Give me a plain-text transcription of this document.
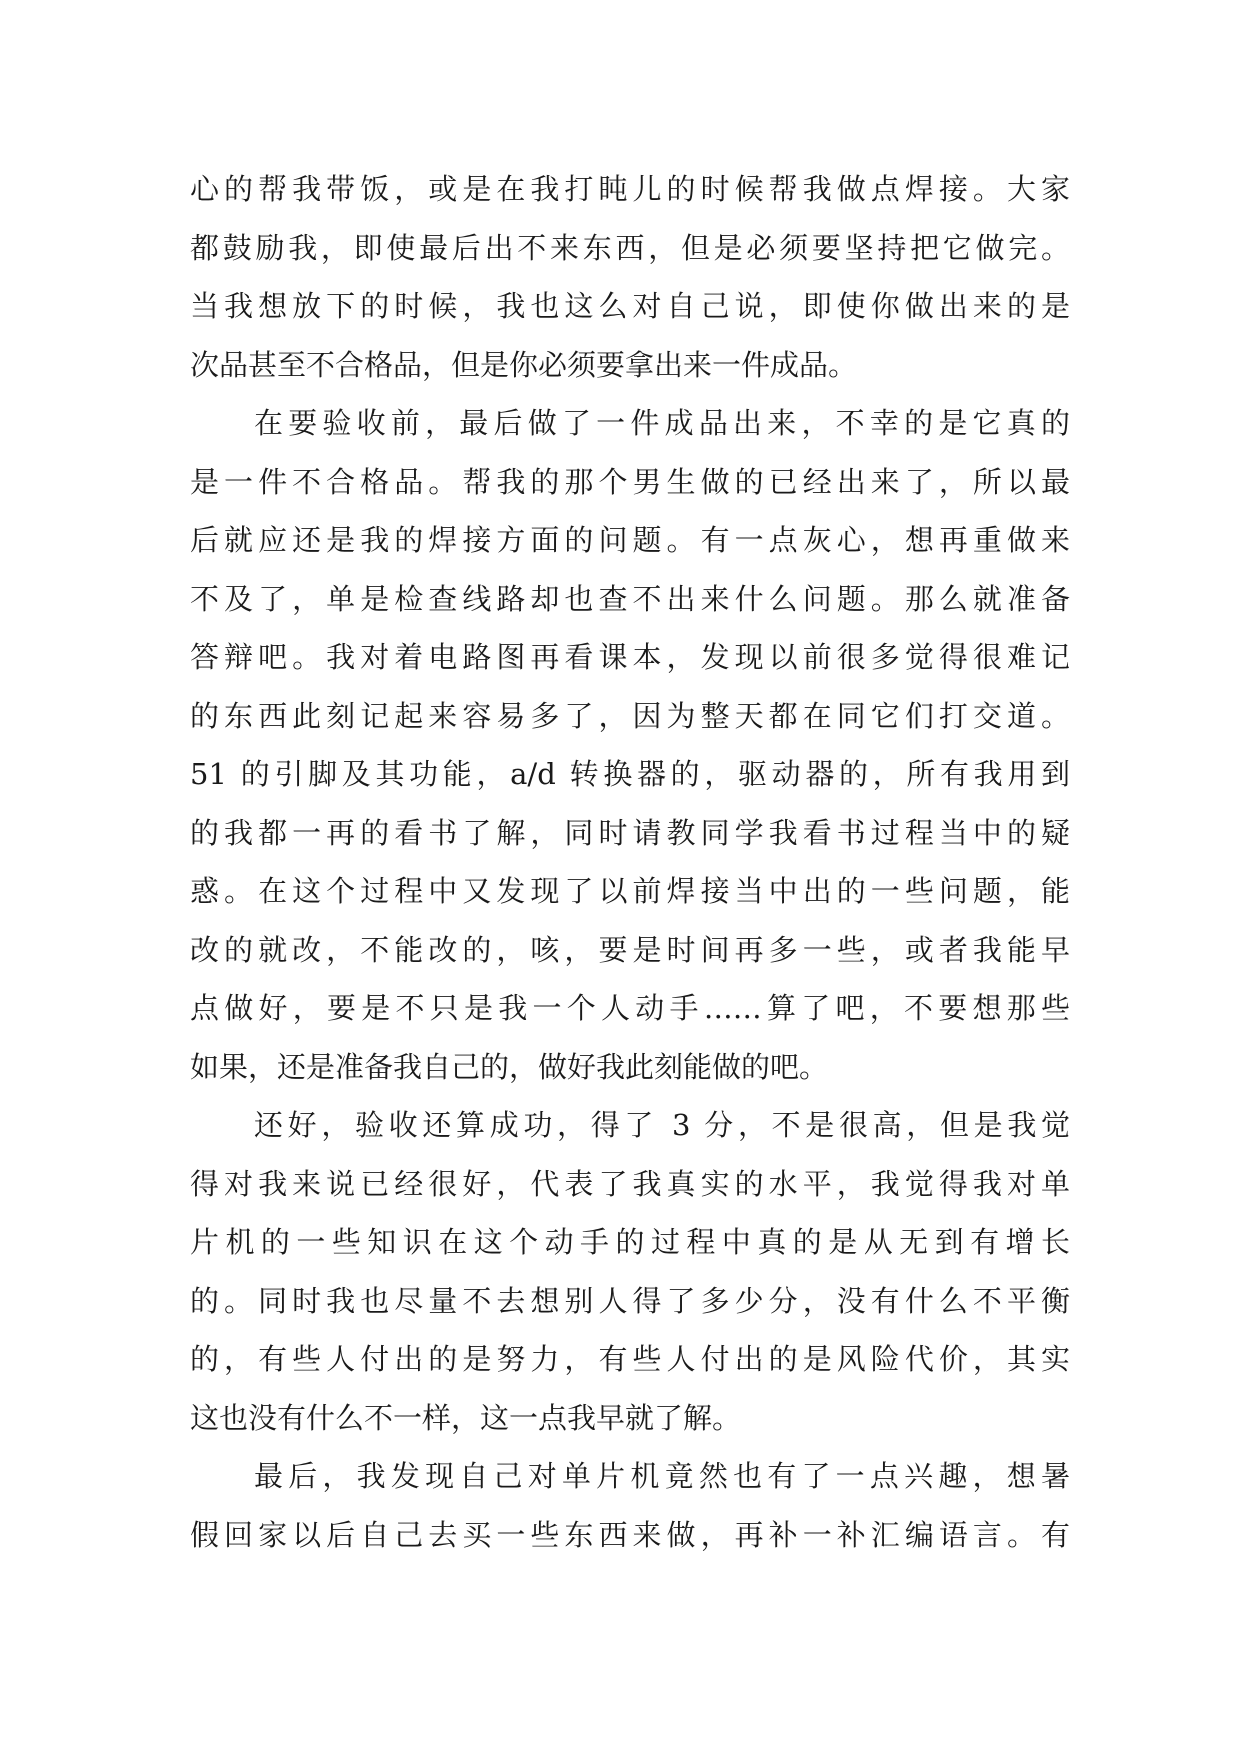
心的帮我带饭，或是在我打盹儿的时候帮我做点焊接。大家
都鼓励我，即使最后出不来东西，但是必须要坚持把它做完。
当我想放下的时候，我也这么对自己说，即使你做出来的是
次品甚至不合格品，但是你必须要拿出来一件成品。
在要验收前，最后做了一件成品出来，不幸的是它真的
是一件不合格品。帮我的那个男生做的已经出来了，所以最
后就应还是我的焊接方面的问题。有一点灰心，想再重做来
不及了，单是检查线路却也查不出来什么问题。那么就准备
答辩吧。我对着电路图再看课本，发现以前很多觉得很难记
的东西此刻记起来容易多了，因为整天都在同它们打交道。
51 的引脚及其功能，a/d 转换器的，驱动器的，所有我用到
的我都一再的看书了解，同时请教同学我看书过程当中的疑
惑。在这个过程中又发现了以前焊接当中出的一些问题，能
改的就改，不能改的，咳，要是时间再多一些，或者我能早
点做好，要是不只是我一个人动手……算了吧，不要想那些
如果，还是准备我自己的，做好我此刻能做的吧。
还好，验收还算成功，得了 3 分，不是很高，但是我觉
得对我来说已经很好，代表了我真实的水平，我觉得我对单
片机的一些知识在这个动手的过程中真的是从无到有增长
的。同时我也尽量不去想别人得了多少分，没有什么不平衡
的，有些人付出的是努力，有些人付出的是风险代价，其实
这也没有什么不一样，这一点我早就了解。
最后，我发现自己对单片机竟然也有了一点兴趣，想暑
假回家以后自己去买一些东西来做，再补一补汇编语言。有
